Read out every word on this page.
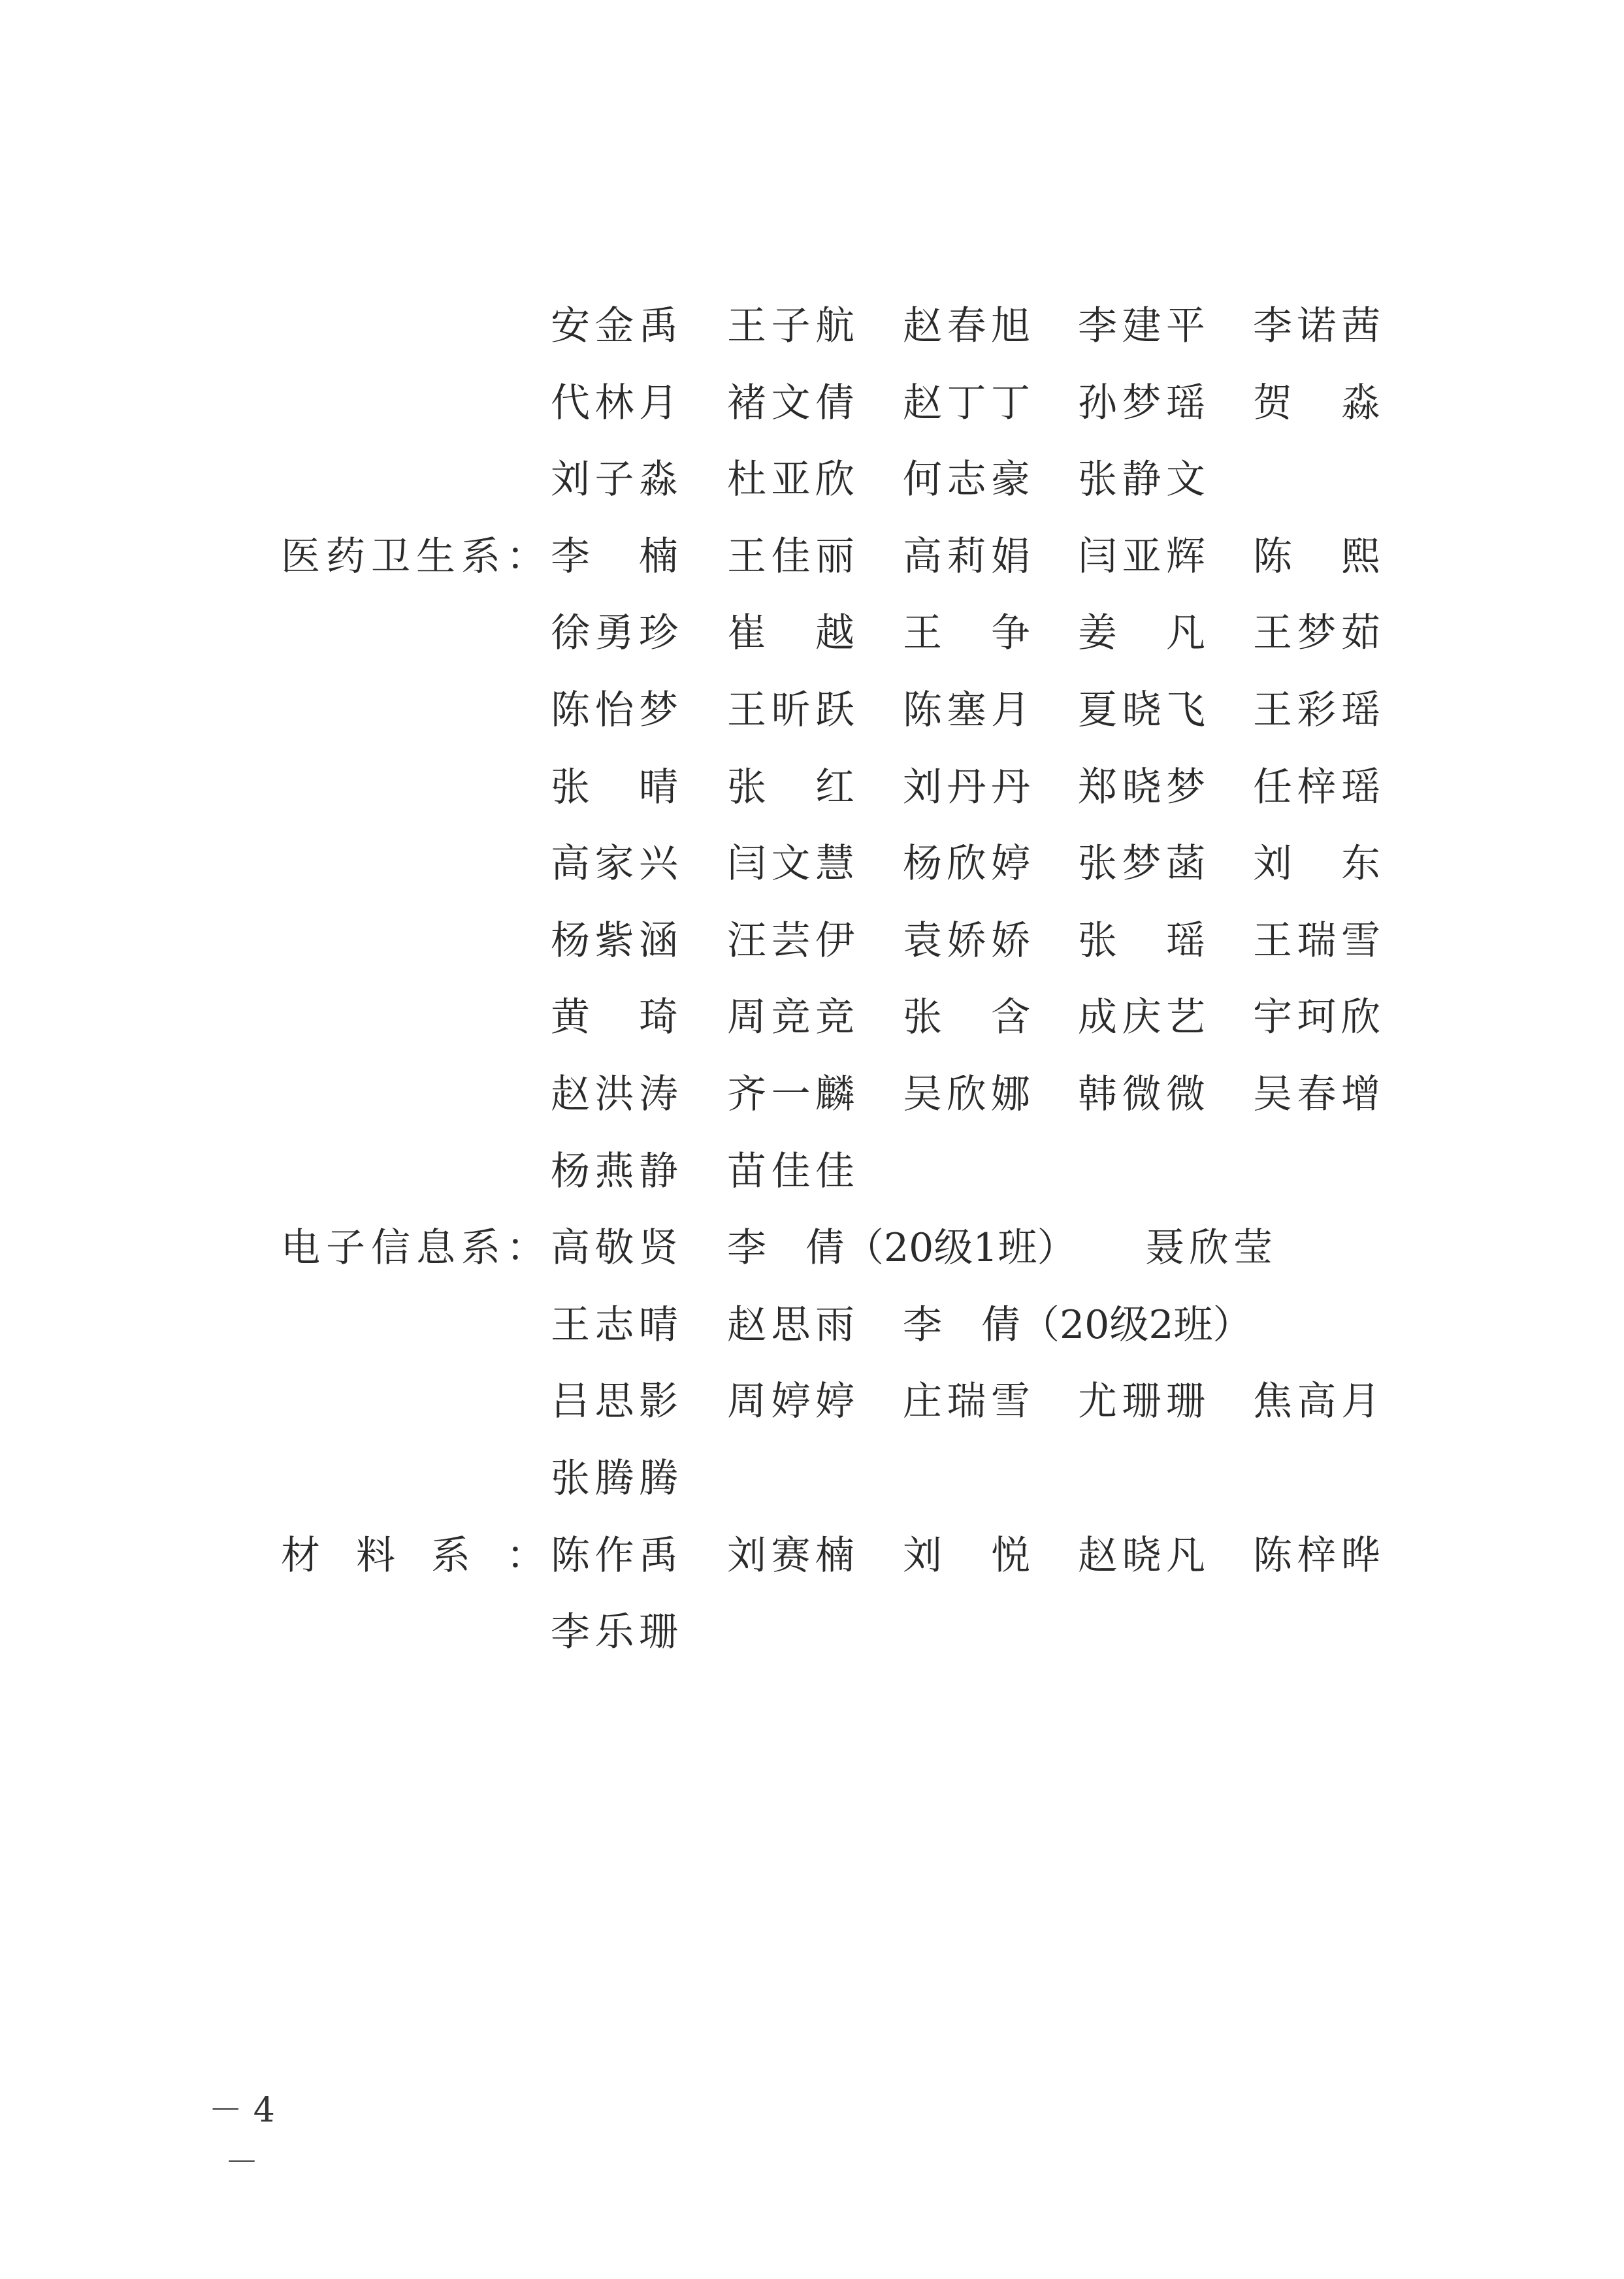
安金禹 王子航 赵春旭 李建平 李诺茜
代林月 褚文倩 赵丁丁 孙梦瑶 贺　淼
刘子淼 杜亚欣 何志豪 张静文
医药卫生系： 李　楠 王佳丽 高莉娟 闫亚辉 陈　熙
徐勇珍 崔　越 王　争 姜　凡 王梦茹
陈怡梦 王昕跃 陈塞月 夏晓飞 王彩瑶
张　晴 张　红 刘丹丹 郑晓梦 任梓瑶
高家兴 闫文慧 杨欣婷 张梦菡 刘　东
杨紫涵 汪芸伊 袁娇娇 张　瑶 王瑞雪
黄　琦 周竞竞 张　含 成庆艺 宇珂欣
赵洪涛 齐一麟 吴欣娜 韩微微 吴春增
杨燕静 苗佳佳
电子信息系： 高敬贤 李　倩（20级1班） 聂欣莹
王志晴 赵思雨 李　倩（20级2班）
吕思影 周婷婷 庄瑞雪 尤珊珊 焦高月
张腾腾
材料系： 陈作禹 刘赛楠 刘　悦 赵晓凡 陈梓晔
李乐珊
－ 4 －
